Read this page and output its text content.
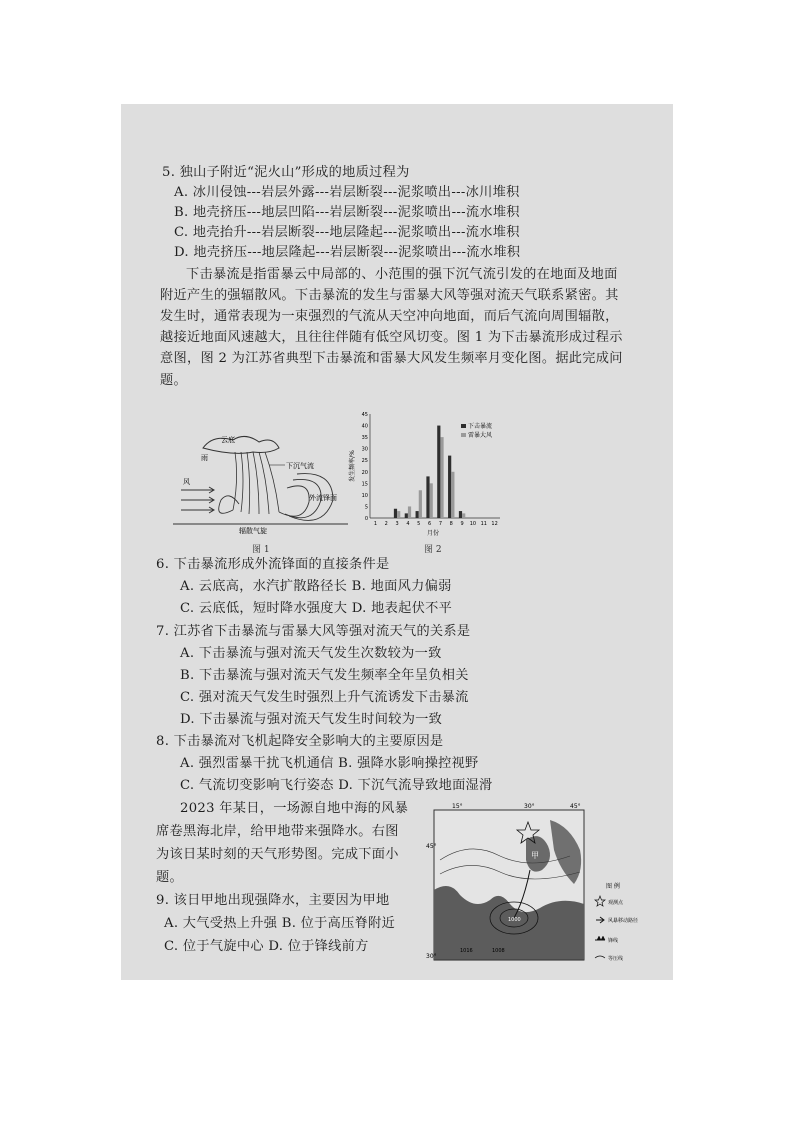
5. 独山子附近“泥火山”形成的地质过程为
A. 冰川侵蚀---岩层外露---岩层断裂---泥浆喷出---冰川堆积
B. 地壳挤压---地层凹陷---岩层断裂---泥浆喷出---流水堆积
C. 地壳抬升---岩层断裂---地层隆起---泥浆喷出---流水堆积
D. 地壳挤压---地层隆起---岩层断裂---泥浆喷出---流水堆积
下击暴流是指雷暴云中局部的、小范围的强下沉气流引发的在地面及地面
附近产生的强辐散风。下击暴流的发生与雷暴大风等强对流天气联系紧密。其
发生时，通常表现为一束强烈的气流从天空冲向地面，而后气流向周围辐散，
越接近地面风速越大，且往往伴随有低空风切变。图 1 为下击暴流形成过程示
意图，图 2 为江苏省典型下击暴流和雷暴大风发生频率月变化图。据此完成问
题。
云底
雨
下沉气流
风
外流锋面
辐散气旋
图 1
0
5
10
15
20
25
30
35
40
45
1 2 3 4 5 6 7 8 9 10 11 12
发生频率/%
月份
下击暴流
雷暴大风
图 2
6. 下击暴流形成外流锋面的直接条件是
A. 云底高，水汽扩散路径长 B. 地面风力偏弱
C. 云底低，短时降水强度大 D. 地表起伏不平
7. 江苏省下击暴流与雷暴大风等强对流天气的关系是
A. 下击暴流与强对流天气发生次数较为一致
B. 下击暴流与强对流天气发生频率全年呈负相关
C. 强对流天气发生时强烈上升气流诱发下击暴流
D. 下击暴流与强对流天气发生时间较为一致
8. 下击暴流对飞机起降安全影响大的主要原因是
A. 强烈雷暴干扰飞机通信 B. 强降水影响操控视野
C. 气流切变影响飞行姿态 D. 下沉气流导致地面湿滑
2023 年某日，一场源自地中海的风暴
席卷黑海北岸，给甲地带来强降水。右图
为该日某时刻的天气形势图。完成下面小
题。
9. 该日甲地出现强降水，主要因为甲地
A. 大气受热上升强 B. 位于高压脊附近
C. 位于气旋中心 D. 位于锋线前方
15°	30°	45°
45°
30°
甲
1000
1008
1016
图 例
观测点
风暴移动路径
锋线
等压线
